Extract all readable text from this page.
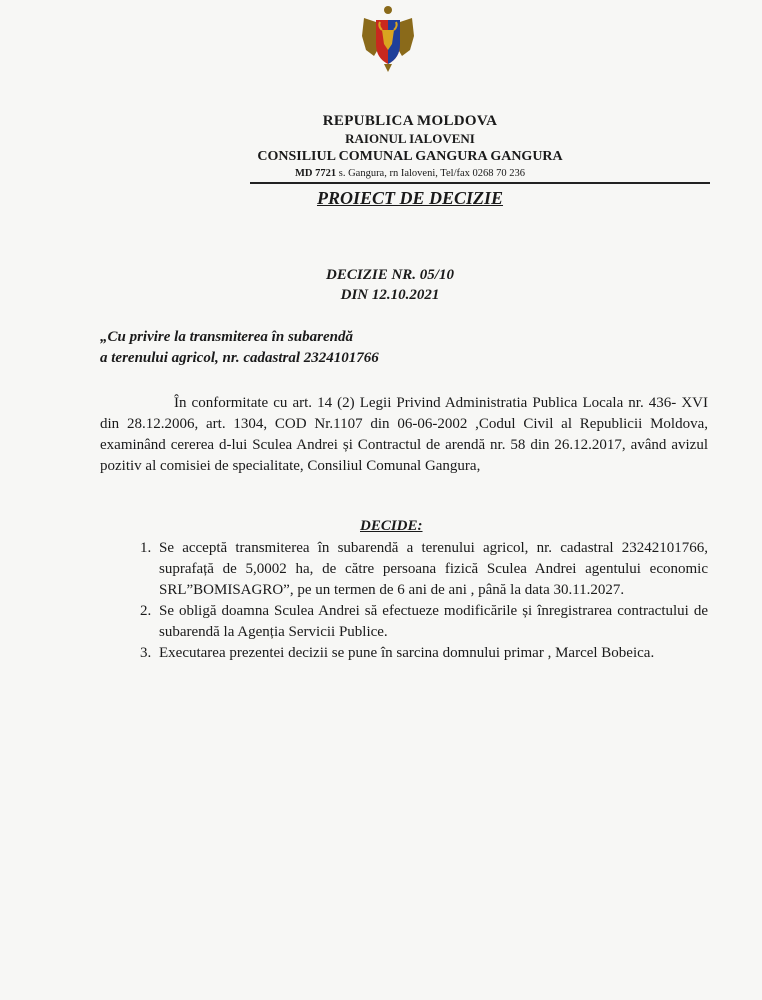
REPUBLICA MOLDOVA
RAIONUL IALOVENI
CONSILIUL COMUNAL GANGURA GANGURA
MD 7721 s. Gangura, rn Ialoveni, Tel/fax 0268 70 236
PROIECT DE DECIZIE
DECIZIE NR. 05/10
DIN 12.10.2021
„Cu privire la transmiterea în subarendă
a terenului agricol, nr. cadastral 2324101766
În conformitate cu art. 14 (2) Legii Privind Administratia Publica Locala nr. 436- XVI din 28.12.2006, art. 1304, COD Nr.1107 din 06-06-2002 ,Codul Civil al Republicii Moldova, examinând cererea d-lui Sculea Andrei și Contractul de arendă nr. 58 din 26.12.2017, având avizul pozitiv al comisiei de specialitate, Consiliul Comunal Gangura,
DECIDE:
1. Se acceptă transmiterea în subarendă a terenului agricol, nr. cadastral 23242101766, suprafață de 5,0002 ha, de către persoana fizică Sculea Andrei agentului economic SRL”BOMISAGRO”, pe un termen de 6 ani de ani , până la data 30.11.2027.
2. Se obligă doamna Sculea Andrei să efectueze modificările și înregistrarea contractului de subarendă la Agenția Servicii Publice.
3. Executarea prezentei decizii se pune în sarcina domnului primar , Marcel Bobeica.
